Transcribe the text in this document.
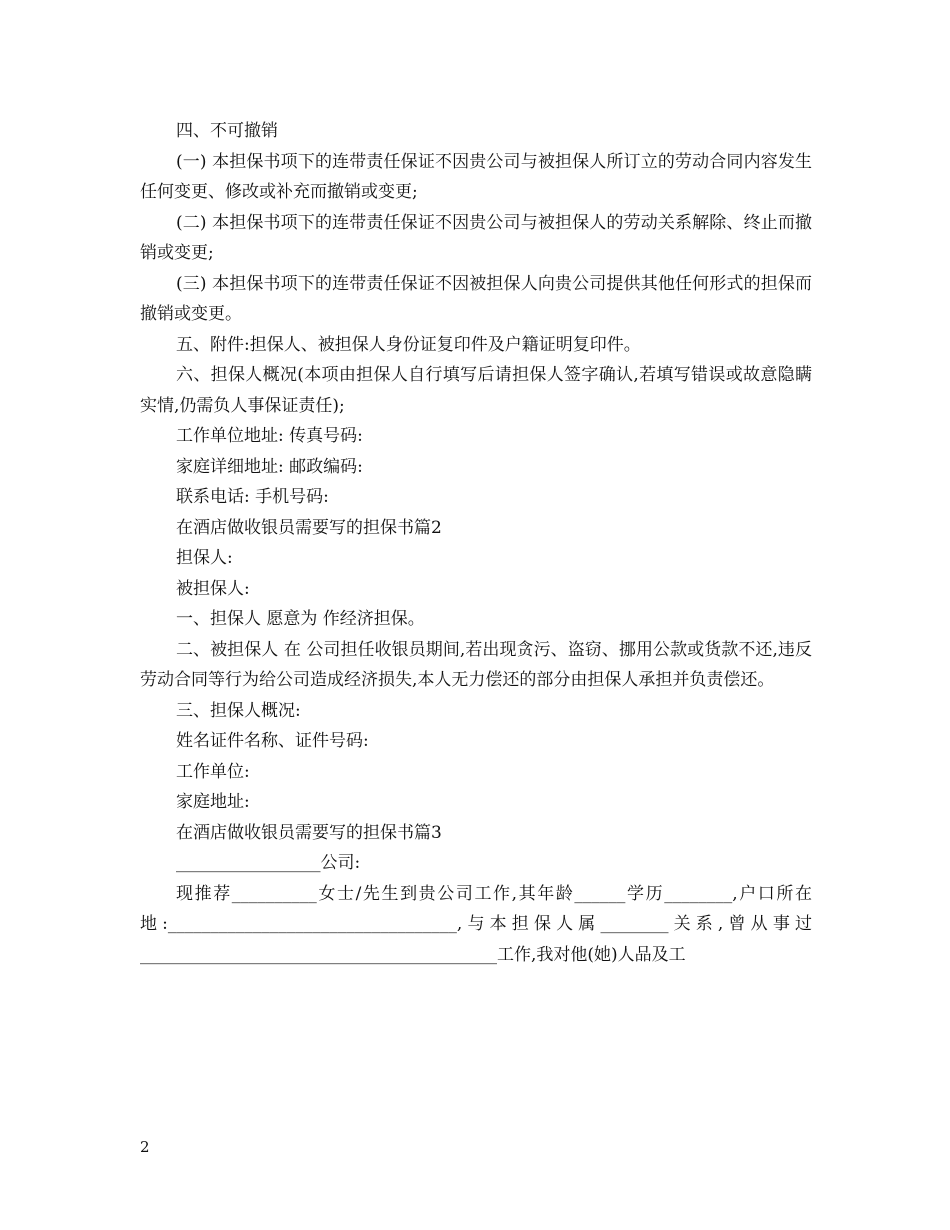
四、不可撤销

(一) 本担保书项下的连带责任保证不因贵公司与被担保人所订立的劳动合同内容发生任何变更、修改或补充而撤销或变更;

(二) 本担保书项下的连带责任保证不因贵公司与被担保人的劳动关系解除、终止而撤销或变更;

(三) 本担保书项下的连带责任保证不因被担保人向贵公司提供其他任何形式的担保而撤销或变更。

五、附件:担保人、被担保人身份证复印件及户籍证明复印件。

六、担保人概况(本项由担保人自行填写后请担保人签字确认,若填写错误或故意隐瞒实情,仍需负人事保证责任);

工作单位地址: 传真号码:

家庭详细地址: 邮政编码:

联系电话: 手机号码:

在酒店做收银员需要写的担保书篇2

担保人:

被担保人:

一、担保人 愿意为 作经济担保。

二、被担保人 在 公司担任收银员期间,若出现贪污、盗窃、挪用公款或货款不还,违反劳动合同等行为给公司造成经济损失,本人无力偿还的部分由担保人承担并负责偿还。

三、担保人概况:

姓名证件名称、证件号码:

工作单位:

家庭地址:

在酒店做收银员需要写的担保书篇3

_________________公司:

现推荐__________女士/先生到贵公司工作,其年龄______学历________,户口所在地:__________________________________,与本担保人属________关系,曾从事过__________________________________________工作,我对他(她)人品及工

2
